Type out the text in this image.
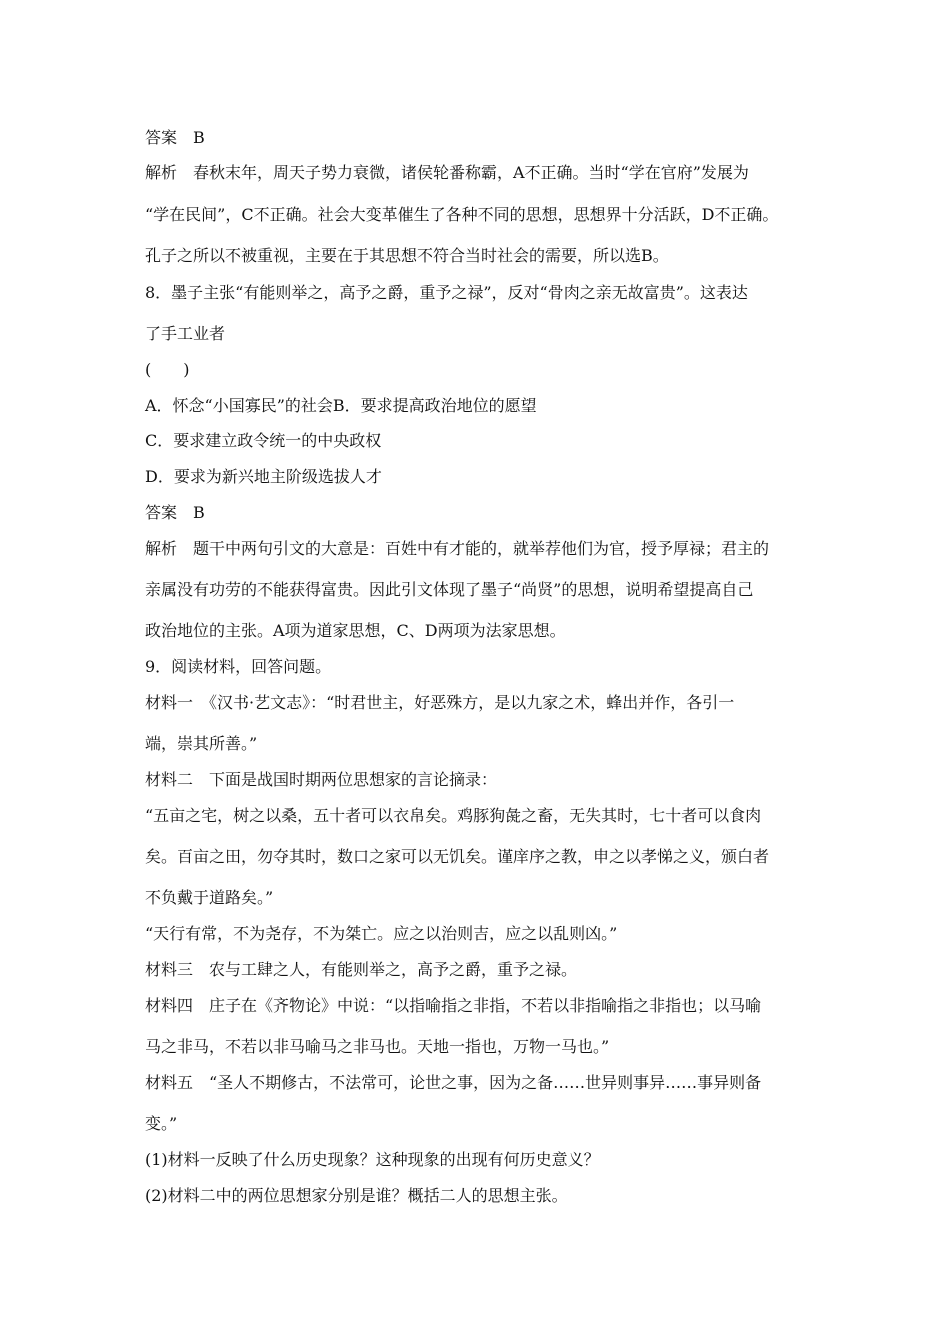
答案　B
解析　春秋末年，周天子势力衰微，诸侯轮番称霸，A不正确。当时“学在官府”发展为
“学在民间”，C不正确。社会大变革催生了各种不同的思想，思想界十分活跃，D不正确。
孔子之所以不被重视，主要在于其思想不符合当时社会的需要，所以选B。
8．墨子主张“有能则举之，高予之爵，重予之禄”，反对“骨肉之亲无故富贵”。这表达
了手工业者
(　　)
A．怀念“小国寡民”的社会B．要求提高政治地位的愿望
C．要求建立政令统一的中央政权
D．要求为新兴地主阶级选拔人才
答案　B
解析　题干中两句引文的大意是：百姓中有才能的，就举荐他们为官，授予厚禄；君主的
亲属没有功劳的不能获得富贵。因此引文体现了墨子“尚贤”的思想，说明希望提高自己
政治地位的主张。A项为道家思想，C、D两项为法家思想。
9．阅读材料，回答问题。
材料一　《汉书·艺文志》：“时君世主，好恶殊方，是以九家之术，蜂出并作，各引一
端，崇其所善。”
材料二　下面是战国时期两位思想家的言论摘录：
“五亩之宅，树之以桑，五十者可以衣帛矣。鸡豚狗彘之畜，无失其时，七十者可以食肉
矣。百亩之田，勿夺其时，数口之家可以无饥矣。谨庠序之教，申之以孝悌之义，颁白者
不负戴于道路矣。”
“天行有常，不为尧存，不为桀亡。应之以治则吉，应之以乱则凶。”
材料三　农与工肆之人，有能则举之，高予之爵，重予之禄。
材料四　庄子在《齐物论》中说：“以指喻指之非指，不若以非指喻指之非指也；以马喻
马之非马，不若以非马喻马之非马也。天地一指也，万物一马也。”
材料五　“圣人不期修古，不法常可，论世之事，因为之备……世异则事异……事异则备
变。”
(1)材料一反映了什么历史现象？这种现象的出现有何历史意义？
(2)材料二中的两位思想家分别是谁？概括二人的思想主张。
